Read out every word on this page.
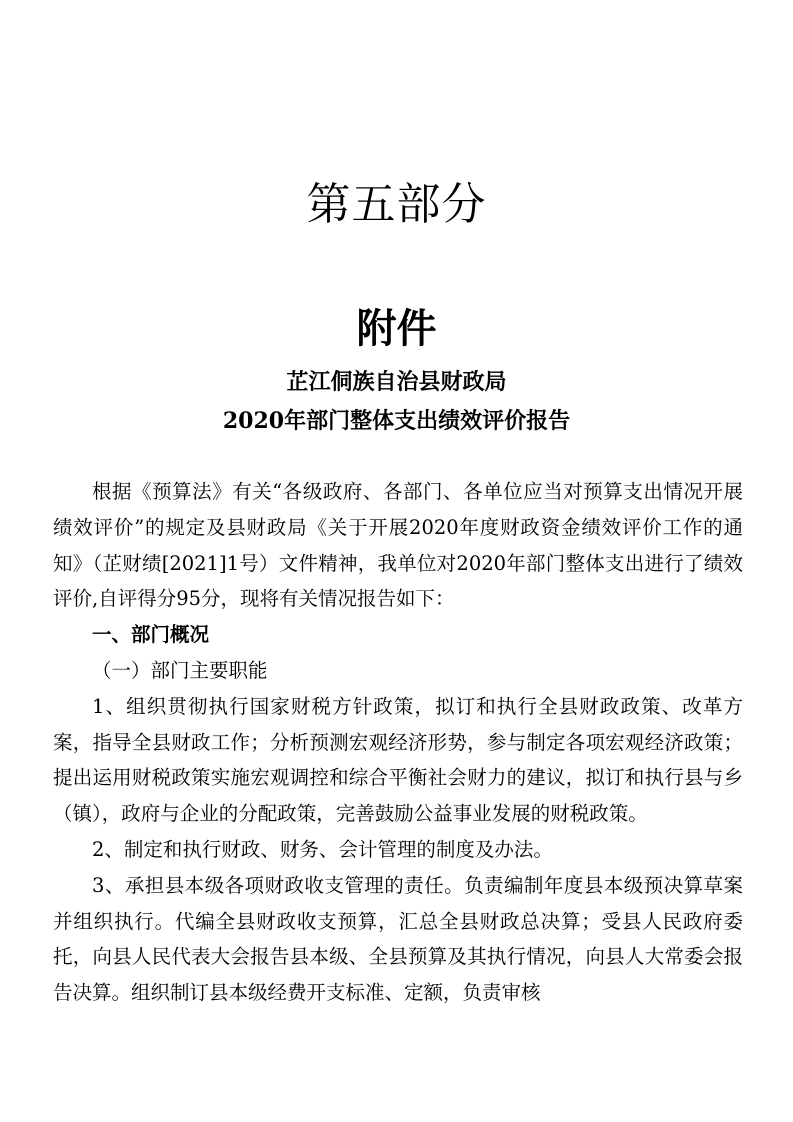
第五部分
附件
芷江侗族自治县财政局
2020年部门整体支出绩效评价报告

根据《预算法》有关“各级政府、各部门、各单位应当对预算支出情况开展绩效评价”的规定及县财政局《关于开展2020年度财政资金绩效评价工作的通知》（芷财绩[2021]1号）文件精神，我单位对2020年部门整体支出进行了绩效评价,自评得分95分，现将有关情况报告如下：

一、部门概况

（一）部门主要职能

1、组织贯彻执行国家财税方针政策，拟订和执行全县财政政策、改革方案，指导全县财政工作；分析预测宏观经济形势，参与制定各项宏观经济政策；提出运用财税政策实施宏观调控和综合平衡社会财力的建议，拟订和执行县与乡（镇），政府与企业的分配政策，完善鼓励公益事业发展的财税政策。

2、制定和执行财政、财务、会计管理的制度及办法。

3、承担县本级各项财政收支管理的责任。负责编制年度县本级预决算草案并组织执行。代编全县财政收支预算，汇总全县财政总决算；受县人民政府委托，向县人民代表大会报告县本级、全县预算及其执行情况，向县人大常委会报告决算。组织制订县本级经费开支标准、定额，负责审核
